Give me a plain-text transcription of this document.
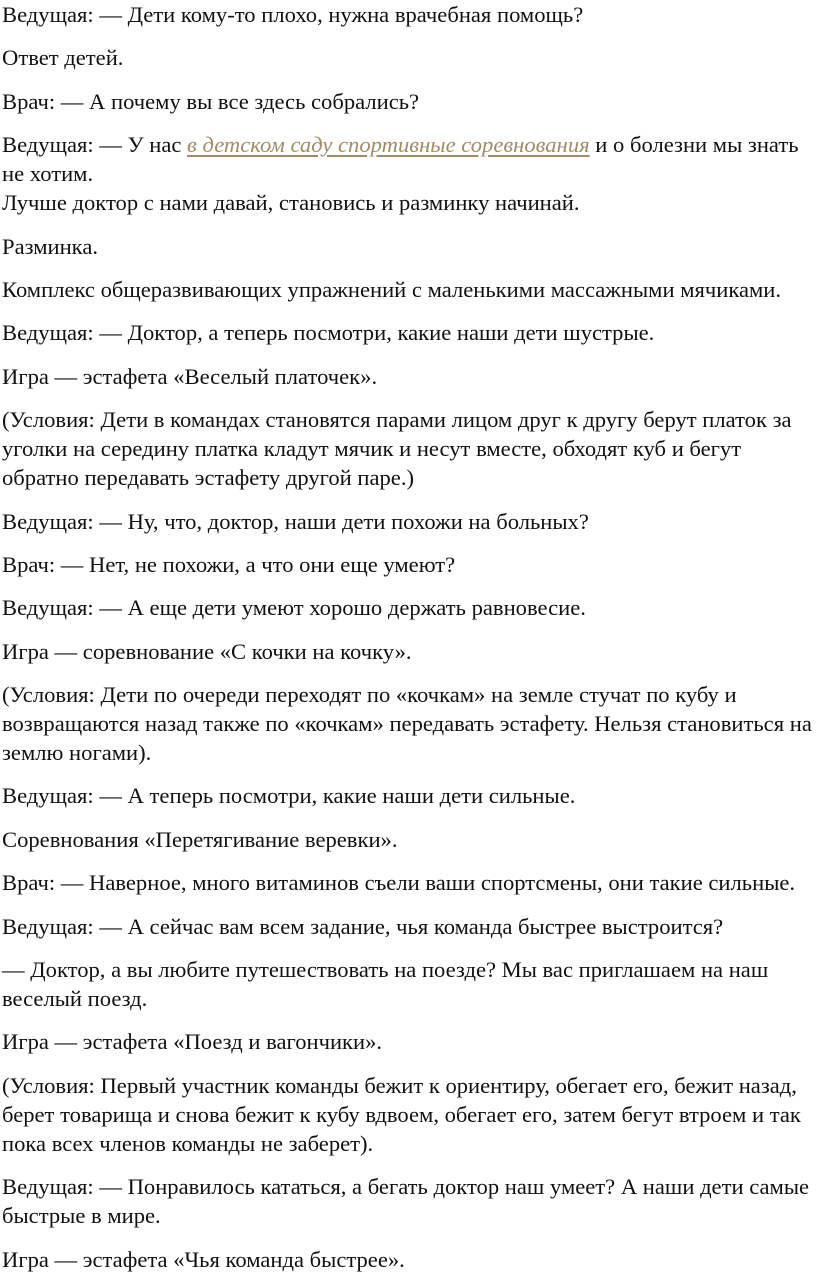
Ведущая: — Дети кому-то плохо, нужна врачебная помощь?

Ответ детей.

Врач: — А почему вы все здесь собрались?

Ведущая: — У нас в детском саду спортивные соревнования и о болезни мы знать не хотим.

Лучше доктор с нами давай, становись и разминку начинай.

Разминка.

Комплекс общеразвивающих упражнений с маленькими массажными мячиками.

Ведущая: — Доктор, а теперь посмотри, какие наши дети шустрые.

Игра — эстафета «Веселый платочек».

(Условия: Дети в командах становятся парами лицом друг к другу берут платок за уголки на середину платка кладут мячик и несут вместе, обходят куб и бегут обратно передавать эстафету другой паре.)

Ведущая: — Ну, что, доктор, наши дети похожи на больных?

Врач: — Нет, не похожи, а что они еще умеют?

Ведущая: — А еще дети умеют хорошо держать равновесие.

Игра — соревнование «С кочки на кочку».

(Условия: Дети по очереди переходят по «кочкам» на земле стучат по кубу и возвращаются назад также по «кочкам» передавать эстафету. Нельзя становиться на землю ногами).

Ведущая: — А теперь посмотри, какие наши дети сильные.

Соревнования «Перетягивание веревки».

Врач: — Наверное, много витаминов съели ваши спортсмены, они такие сильные.

Ведущая: — А сейчас вам всем задание, чья команда быстрее выстроится?

— Доктор, а вы любите путешествовать на поезде? Мы вас приглашаем на наш веселый поезд.

Игра — эстафета «Поезд и вагончики».

(Условия: Первый участник команды бежит к ориентиру, обегает его, бежит назад, берет товарища и снова бежит к кубу вдвоем, обегает его, затем бегут втроем и так пока всех членов команды не заберет).

Ведущая: — Понравилось кататься, а бегать доктор наш умеет? А наши дети самые быстрые в мире.

Игра — эстафета «Чья команда быстрее».
